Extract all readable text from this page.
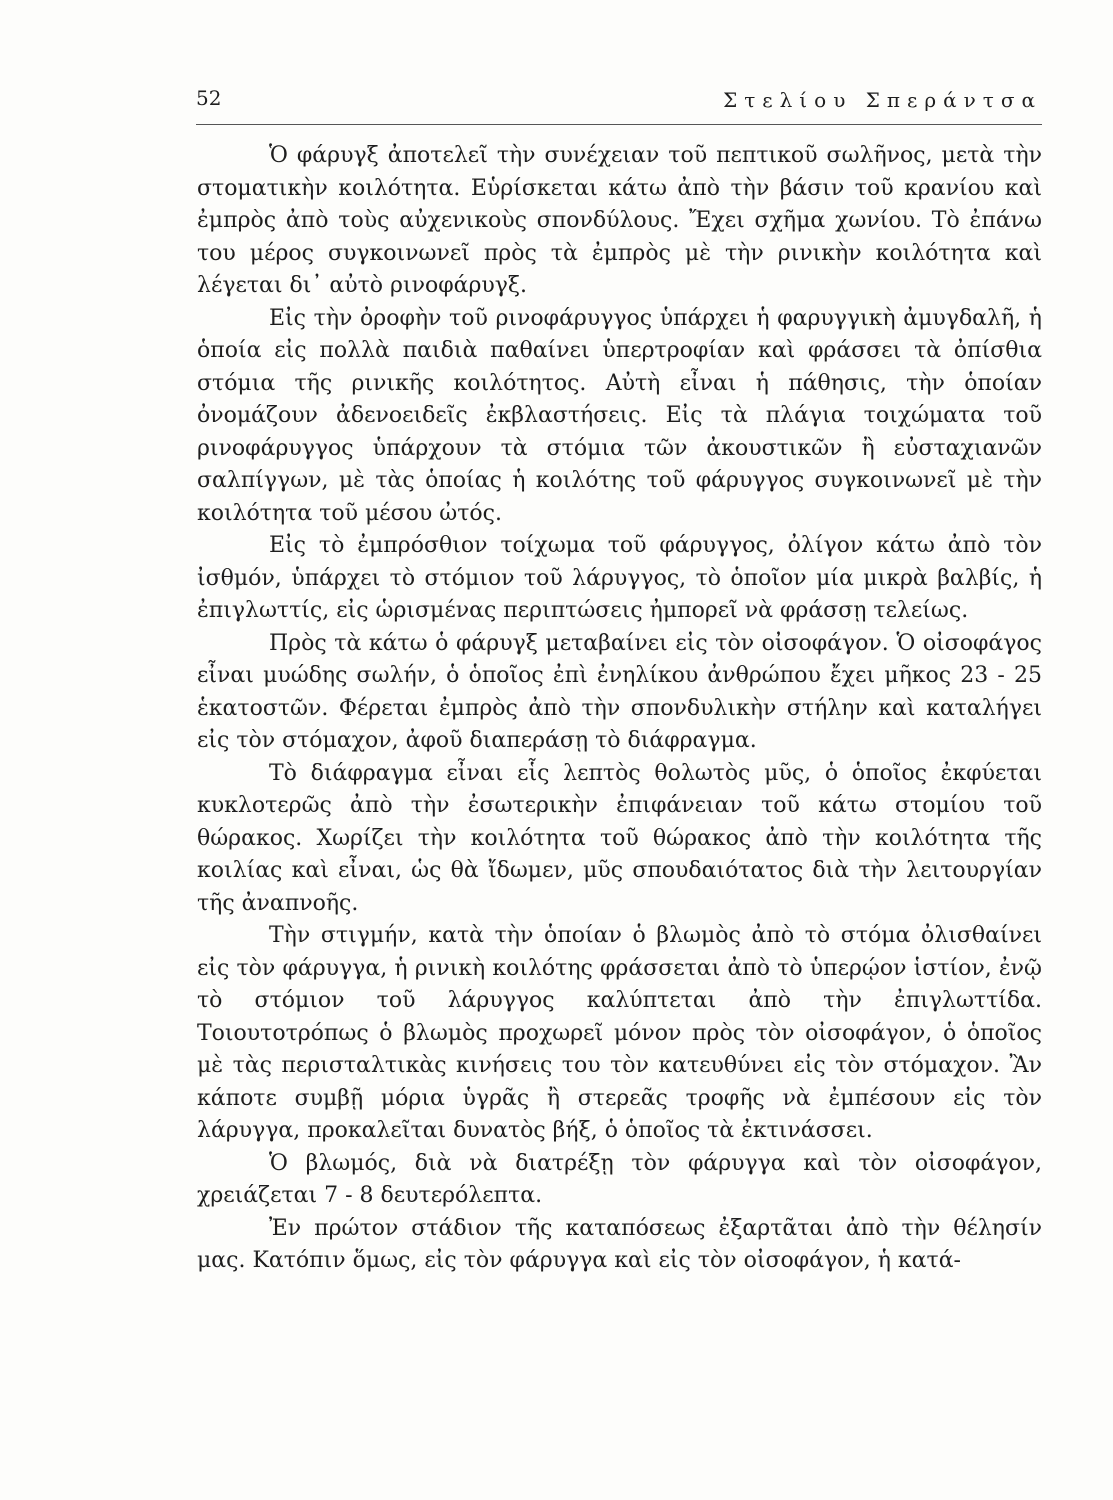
52	Στελίου Σπεράντσα

Ὁ φάρυγξ ἀποτελεῖ τὴν συνέχειαν τοῦ πεπτικοῦ σωλῆνος, μετὰ τὴν στοματικὴν κοιλότητα. Εὑρίσκεται κάτω ἀπὸ τὴν βάσιν τοῦ κρανίου καὶ ἐμπρὸς ἀπὸ τοὺς αὐχενικοὺς σπονδύλους. Ἔχει σχῆμα χωνίου. Τὸ ἐπάνω του μέρος συγκοινωνεῖ πρὸς τὰ ἐμπρὸς μὲ τὴν ρινικὴν κοιλότητα καὶ λέγεται δι᾽ αὐτὸ ρινοφάρυγξ.

Εἰς τὴν ὀροφὴν τοῦ ρινοφάρυγγος ὑπάρχει ἡ φαρυγγικὴ ἀμυγδαλῆ, ἡ ὁποία εἰς πολλὰ παιδιὰ παθαίνει ὑπερτροφίαν καὶ φράσσει τὰ ὀπίσθια στόμια τῆς ρινικῆς κοιλότητος. Αὐτὴ εἶναι ἡ πάθησις, τὴν ὁποίαν ὀνομάζουν ἀδενοειδεῖς ἐκβλαστήσεις. Εἰς τὰ πλάγια τοιχώματα τοῦ ρινοφάρυγγος ὑπάρχουν τὰ στόμια τῶν ἀκουστικῶν ἢ εὐσταχιανῶν σαλπίγγων, μὲ τὰς ὁποίας ἡ κοιλότης τοῦ φάρυγγος συγκοινωνεῖ μὲ τὴν κοιλότητα τοῦ μέσου ὠτός.

Εἰς τὸ ἐμπρόσθιον τοίχωμα τοῦ φάρυγγος, ὀλίγον κάτω ἀπὸ τὸν ἰσθμόν, ὑπάρχει τὸ στόμιον τοῦ λάρυγγος, τὸ ὁποῖον μία μικρὰ βαλβίς, ἡ ἐπιγλωττίς, εἰς ὡρισμένας περιπτώσεις ἠμπορεῖ νὰ φράσσῃ τελείως.

Πρὸς τὰ κάτω ὁ φάρυγξ μεταβαίνει εἰς τὸν οἰσοφάγον. Ὁ οἰσοφάγος εἶναι μυώδης σωλήν, ὁ ὁποῖος ἐπὶ ἐνηλίκου ἀνθρώπου ἔχει μῆκος 23 - 25 ἑκατοστῶν. Φέρεται ἐμπρὸς ἀπὸ τὴν σπονδυλικὴν στήλην καὶ καταλήγει εἰς τὸν στόμαχον, ἀφοῦ διαπεράσῃ τὸ διάφραγμα.

Τὸ διάφραγμα εἶναι εἷς λεπτὸς θολωτὸς μῦς, ὁ ὁποῖος ἐκφύεται κυκλοτερῶς ἀπὸ τὴν ἐσωτερικὴν ἐπιφάνειαν τοῦ κάτω στομίου τοῦ θώρακος. Χωρίζει τὴν κοιλότητα τοῦ θώρακος ἀπὸ τὴν κοιλότητα τῆς κοιλίας καὶ εἶναι, ὡς θὰ ἴδωμεν, μῦς σπουδαιότατος διὰ τὴν λειτουργίαν τῆς ἀναπνοῆς.

Τὴν στιγμήν, κατὰ τὴν ὁποίαν ὁ βλωμὸς ἀπὸ τὸ στόμα ὀλισθαίνει εἰς τὸν φάρυγγα, ἡ ρινικὴ κοιλότης φράσσεται ἀπὸ τὸ ὑπερῴον ἱστίον, ἐνῷ τὸ στόμιον τοῦ λάρυγγος καλύπτεται ἀπὸ τὴν ἐπιγλωττίδα. Τοιουτοτρόπως ὁ βλωμὸς προχωρεῖ μόνον πρὸς τὸν οἰσοφάγον, ὁ ὁποῖος μὲ τὰς περισταλτικὰς κινήσεις του τὸν κατευθύνει εἰς τὸν στόμαχον. Ἂν κάποτε συμβῇ μόρια ὑγρᾶς ἢ στερεᾶς τροφῆς νὰ ἐμπέσουν εἰς τὸν λάρυγγα, προκαλεῖται δυνατὸς βήξ, ὁ ὁποῖος τὰ ἐκτινάσσει.

Ὁ βλωμός, διὰ νὰ διατρέξῃ τὸν φάρυγγα καὶ τὸν οἰσοφάγον, χρειάζεται 7 - 8 δευτερόλεπτα.

Ἐν πρώτον στάδιον τῆς καταπόσεως ἐξαρτᾶται ἀπὸ τὴν θέλησίν μας. Κατόπιν ὅμως, εἰς τὸν φάρυγγα καὶ εἰς τὸν οἰσοφάγον, ἡ κατά-
